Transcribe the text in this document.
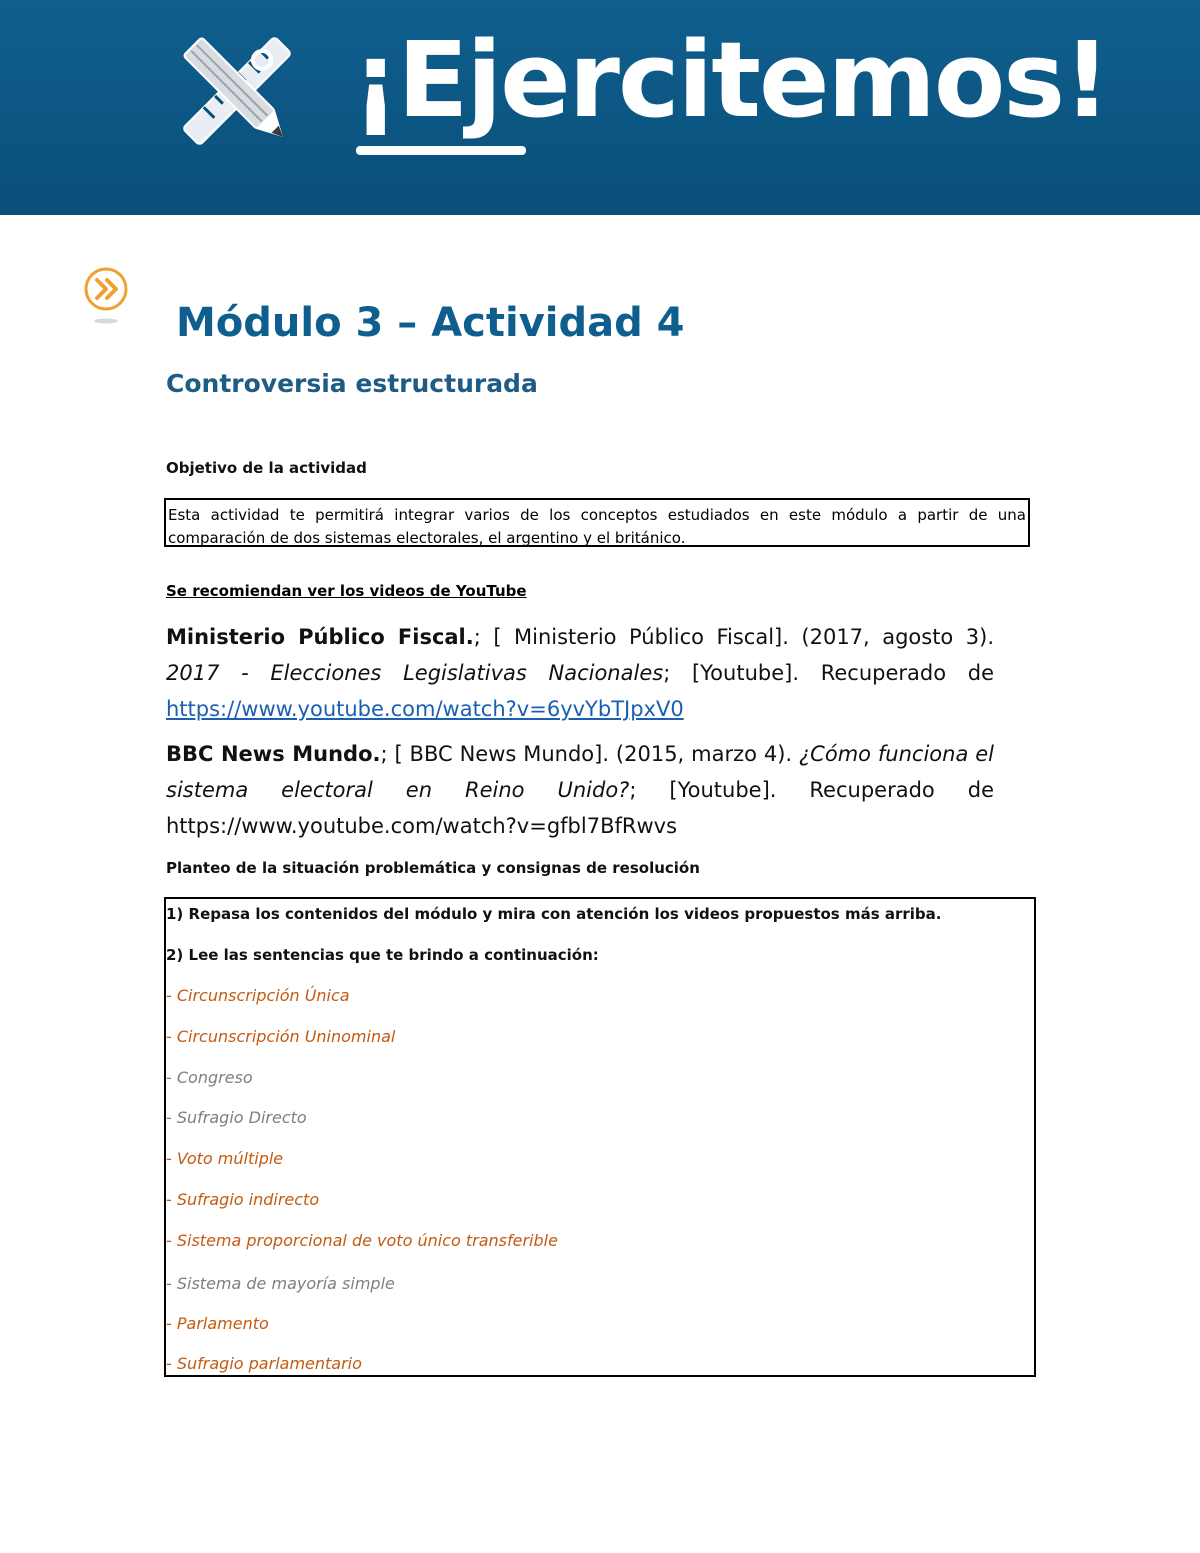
¡Ejercitemos!
Módulo 3 – Actividad 4
Controversia estructurada
Objetivo de la actividad
Esta actividad te permitirá integrar varios de los conceptos estudiados en este módulo a partir de una comparación de dos sistemas electorales, el argentino y el británico.
Se recomiendan ver los videos de YouTube
Ministerio Público Fiscal.; [ Ministerio Público Fiscal]. (2017, agosto 3). 2017 - Elecciones Legislativas Nacionales; [Youtube]. Recuperado de https://www.youtube.com/watch?v=6yvYbTJpxV0
BBC News Mundo.; [ BBC News Mundo]. (2015, marzo 4). ¿Cómo funciona el sistema electoral en Reino Unido?; [Youtube]. Recuperado de https://www.youtube.com/watch?v=gfbl7BfRwvs
Planteo de la situación problemática y consignas de resolución
1) Repasa los contenidos del módulo y mira con atención los videos propuestos más arriba.
2) Lee las sentencias que te brindo a continuación:
- Circunscripción Única
- Circunscripción Uninominal
- Congreso
- Sufragio Directo
- Voto múltiple
- Sufragio indirecto
- Sistema proporcional de voto único transferible
- Sistema de mayoría simple
- Parlamento
- Sufragio parlamentario
